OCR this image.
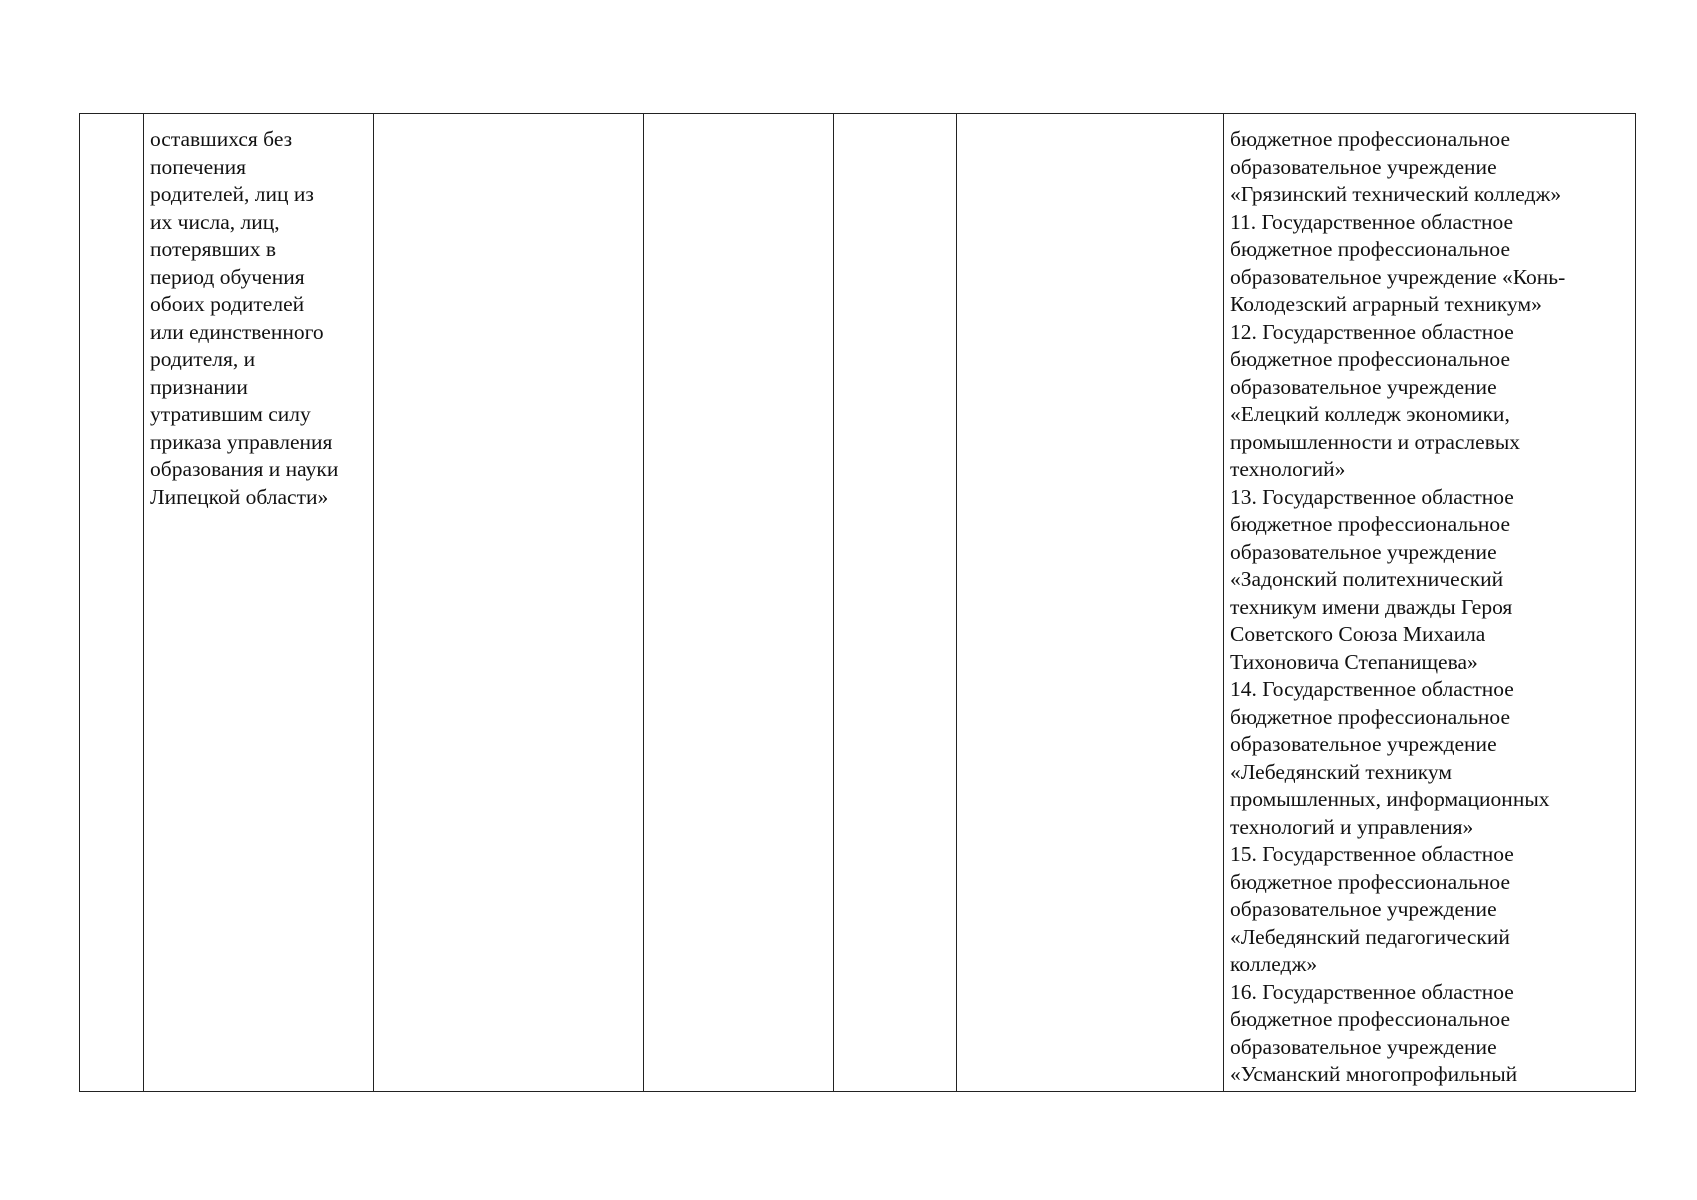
оставшихся без
попечения
родителей, лиц из
их числа, лиц,
потерявших в
период обучения
обоих родителей
или единственного
родителя, и
признании
утратившим силу
приказа управления
образования и науки
Липецкой области»
бюджетное профессиональное
образовательное учреждение
«Грязинский технический колледж»
11. Государственное областное
бюджетное профессиональное
образовательное учреждение «Конь-
Колодезский аграрный техникум»
12. Государственное областное
бюджетное профессиональное
образовательное учреждение
«Елецкий колледж экономики,
промышленности и отраслевых
технологий»
13. Государственное областное
бюджетное профессиональное
образовательное учреждение
«Задонский политехнический
техникум имени дважды Героя
Советского Союза Михаила
Тихоновича Степанищева»
14. Государственное областное
бюджетное профессиональное
образовательное учреждение
«Лебедянский техникум
промышленных, информационных
технологий и управления»
15. Государственное областное
бюджетное профессиональное
образовательное учреждение
«Лебедянский педагогический
колледж»
16. Государственное областное
бюджетное профессиональное
образовательное учреждение
«Усманский многопрофильный
